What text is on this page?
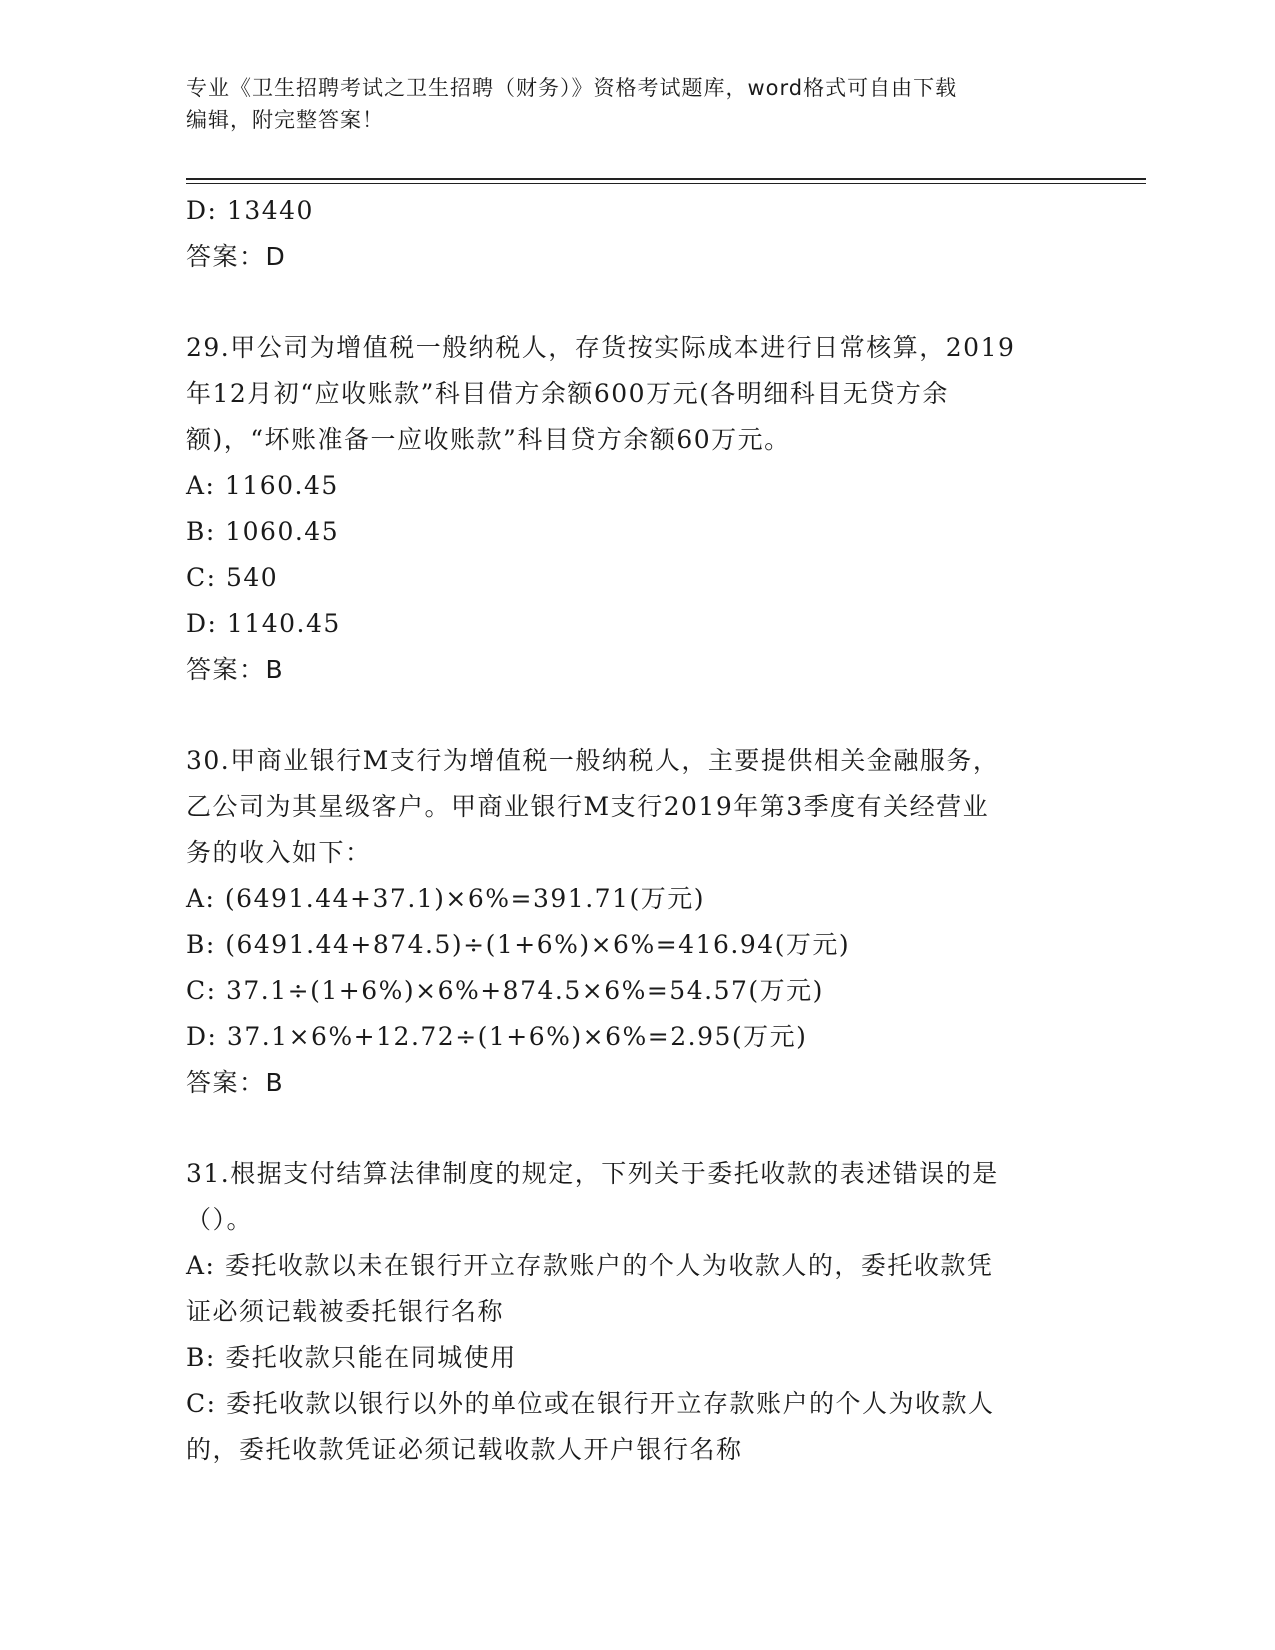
专业《卫生招聘考试之卫生招聘（财务）》资格考试题库，word格式可自由下载
编辑，附完整答案！
D: 13440
答案：D
29.甲公司为增值税一般纳税人，存货按实际成本进行日常核算，2019
年12月初“应收账款”科目借方余额600万元(各明细科目无贷方余
额)，“坏账准备一应收账款”科目贷方余额60万元。
A: 1160.45
B: 1060.45
C: 540
D: 1140.45
答案：B
30.甲商业银行M支行为增值税一般纳税人，主要提供相关金融服务，
乙公司为其星级客户。甲商业银行M支行2019年第3季度有关经营业
务的收入如下：
A: (6491.44+37.1)×6%=391.71(万元)
B: (6491.44+874.5)÷(1+6%)×6%=416.94(万元)
C: 37.1÷(1+6%)×6%+874.5×6%=54.57(万元)
D: 37.1×6%+12.72÷(1+6%)×6%=2.95(万元)
答案：B
31.根据支付结算法律制度的规定，下列关于委托收款的表述错误的是
（）。
A: 委托收款以未在银行开立存款账户的个人为收款人的，委托收款凭
证必须记载被委托银行名称
B: 委托收款只能在同城使用
C: 委托收款以银行以外的单位或在银行开立存款账户的个人为收款人
的，委托收款凭证必须记载收款人开户银行名称
